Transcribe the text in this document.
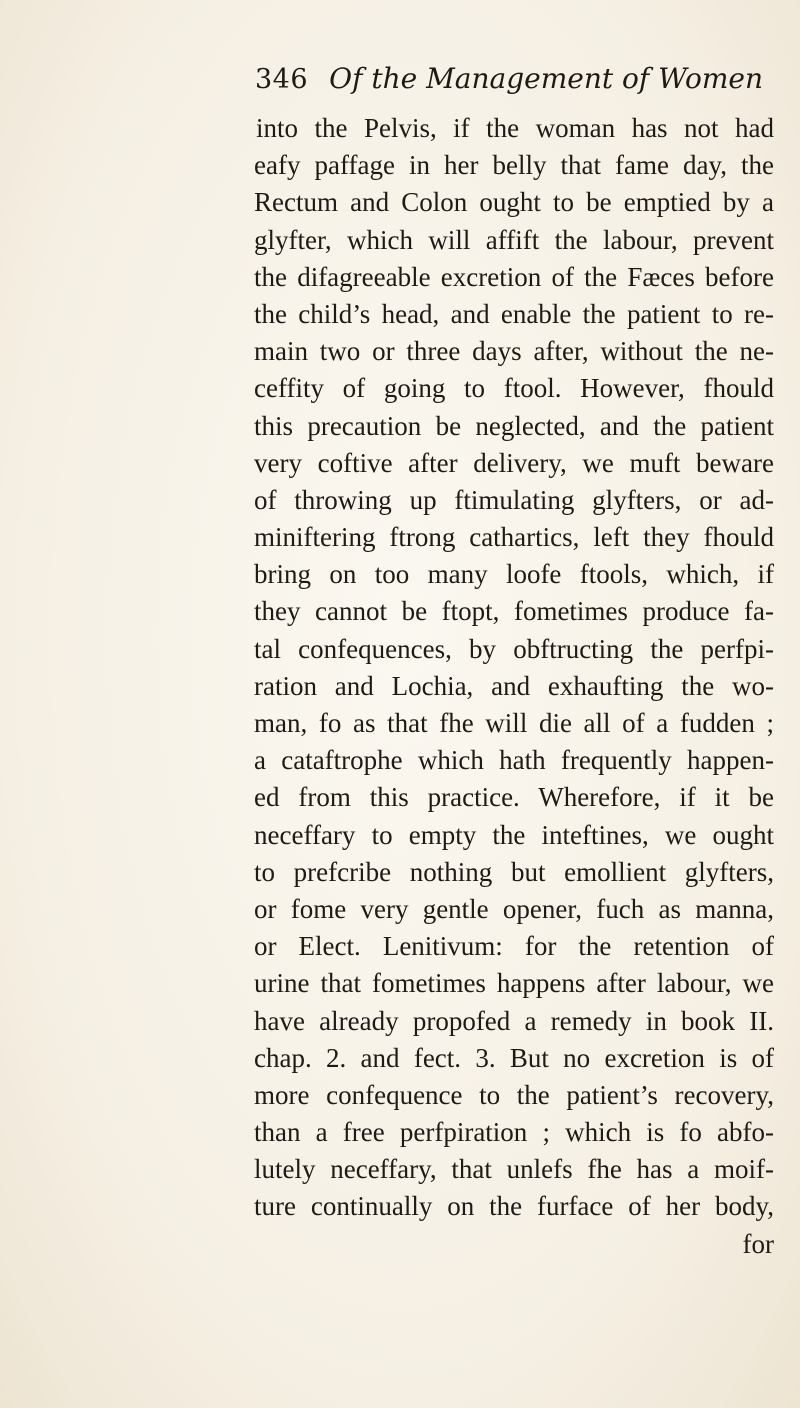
346 Of the Management of Women
into the Pelvis, if the woman has not had
eafy paffage in her belly that fame day, the
Rectum and Colon ought to be emptied by a
glyfter, which will affift the labour, prevent
the difagreeable excretion of the Fæces before
the child’s head, and enable the patient to re-
main two or three days after, without the ne-
ceffity of going to ftool. However, fhould
this precaution be neglected, and the patient
very coftive after delivery, we muft beware
of throwing up ftimulating glyfters, or ad-
miniftering ftrong cathartics, left they fhould
bring on too many loofe ftools, which, if
they cannot be ftopt, fometimes produce fa-
tal confequences, by obftructing the perfpi-
ration and Lochia, and exhaufting the wo-
man, fo as that fhe will die all of a fudden ;
a cataftrophe which hath frequently happen-
ed from this practice. Wherefore, if it be
neceffary to empty the inteftines, we ought
to prefcribe nothing but emollient glyfters,
or fome very gentle opener, fuch as manna,
or Elect. Lenitivum: for the retention of
urine that fometimes happens after labour, we
have already propofed a remedy in book II.
chap. 2. and fect. 3. But no excretion is of
more confequence to the patient’s recovery,
than a free perfpiration ; which is fo abfo-
lutely neceffary, that unlefs fhe has a moif-
ture continually on the furface of her body,
for
